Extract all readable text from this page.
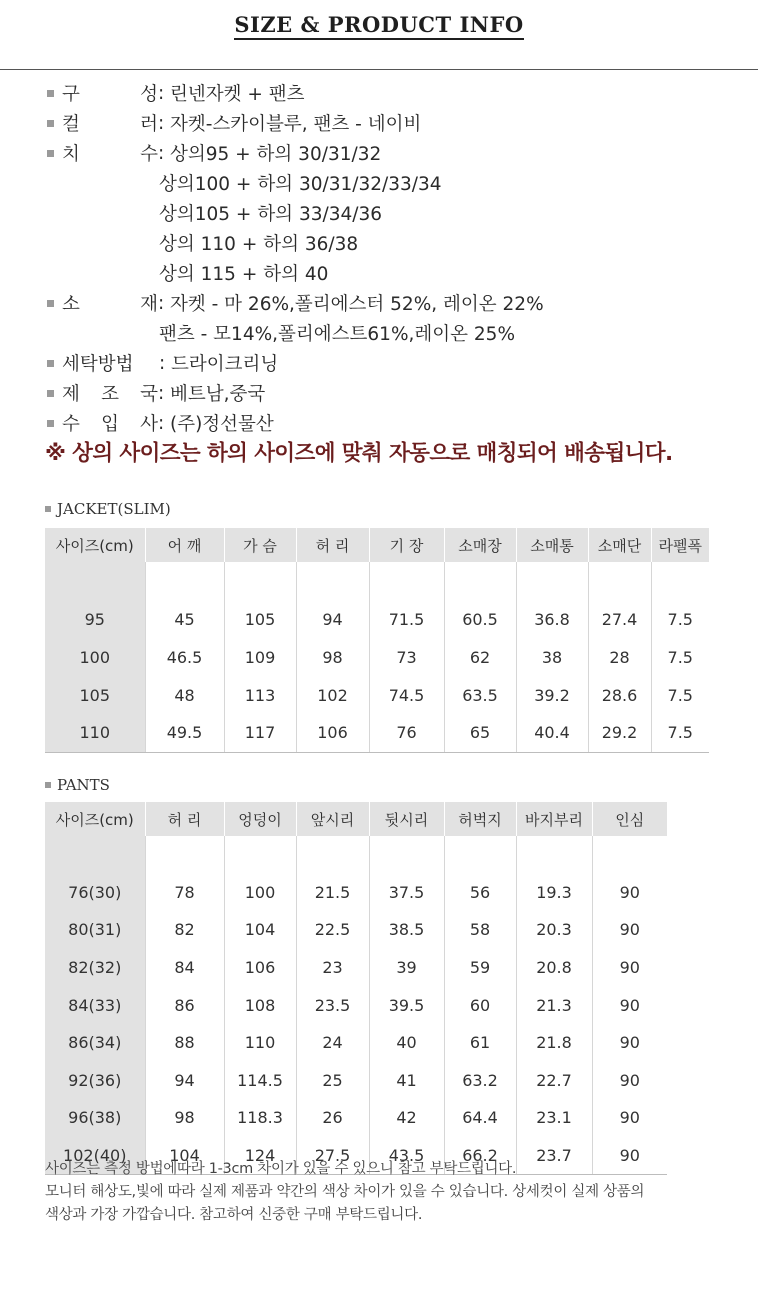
SIZE & PRODUCT INFO
구	성 : 린넨자켓 + 팬츠
컬	러 : 자켓-스카이블루, 팬츠 - 네이비
치	수 : 상의95 + 하의 30/31/32
상의100 + 하의 30/31/32/33/34
상의105 + 하의 33/34/36
상의 110 + 하의 36/38
상의 115 + 하의 40
소	재 : 자켓 - 마 26%,폴리에스터 52%, 레이온 22%
팬츠 - 모14%,폴리에스트61%,레이온 25%
세탁방법 : 드라이크리닝
제 조 국 : 베트남,중국
수 입 사 : (주)정선물산
※ 상의 사이즈는 하의 사이즈에 맞춰 자동으로 매칭되어 배송됩니다.
JACKET(SLIM)
사이즈(cm)	어 깨	가 슴	허 리	기 장	소매장	소매통	소매단	라펠폭

95	45	105	94	71.5	60.5	36.8	27.4	7.5
100	46.5	109	98	73	62	38	28	7.5
105	48	113	102	74.5	63.5	39.2	28.6	7.5
110	49.5	117	106	76	65	40.4	29.2	7.5
PANTS
사이즈(cm)	허 리	엉덩이	앞시리	뒷시리	허벅지	바지부리	인심

76(30)	78	100	21.5	37.5	56	19.3	90
80(31)	82	104	22.5	38.5	58	20.3	90
82(32)	84	106	23	39	59	20.8	90
84(33)	86	108	23.5	39.5	60	21.3	90
86(34)	88	110	24	40	61	21.8	90
92(36)	94	114.5	25	41	63.2	22.7	90
96(38)	98	118.3	26	42	64.4	23.1	90
102(40)	104	124	27.5	43.5	66.2	23.7	90
사이즈는 측정 방법에따라 1-3cm 차이가 있을 수 있으니 참고 부탁드립니다.
모니터 해상도,빛에 따라 실제 제품과 약간의 색상 차이가 있을 수 있습니다. 상세컷이 실제 상품의
색상과 가장 가깝습니다. 참고하여 신중한 구매 부탁드립니다.
